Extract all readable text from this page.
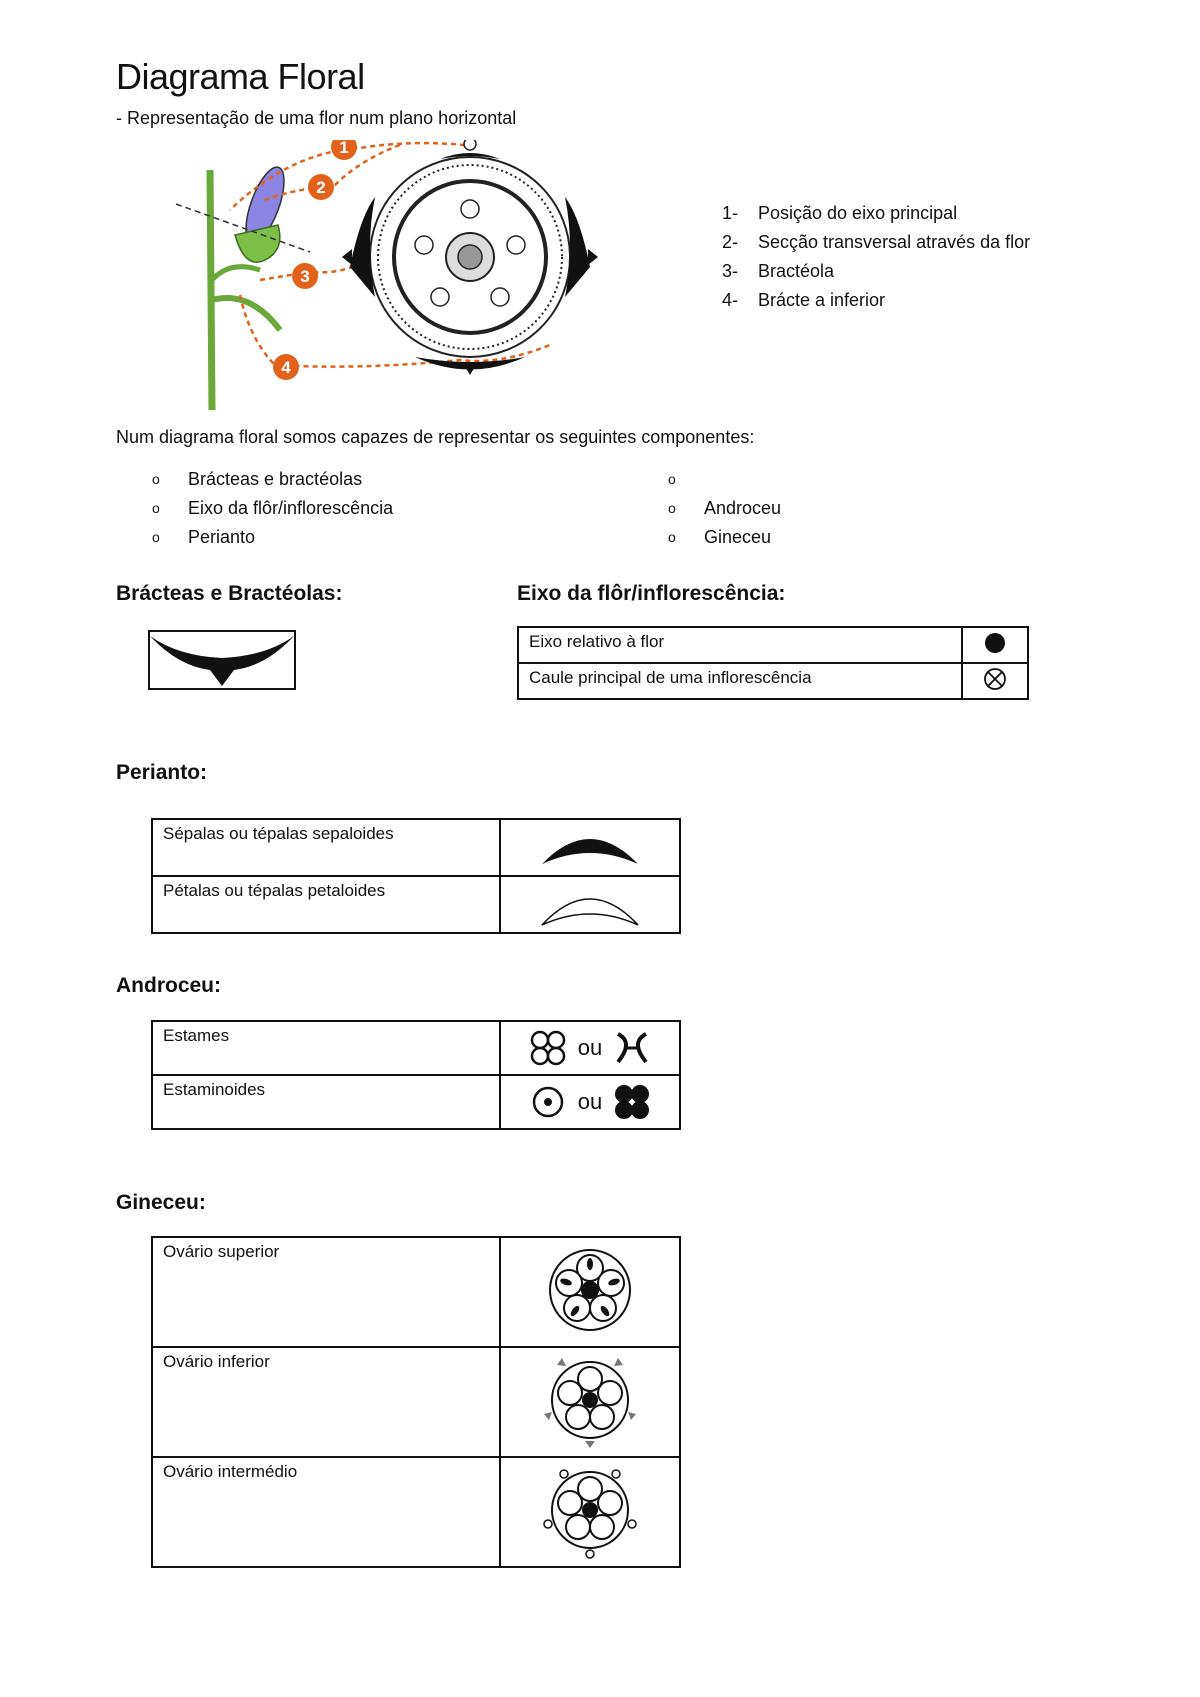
Diagrama Floral
- Representação de uma flor num plano horizontal
1
2
3
4
1-	Posição do eixo principal
2-	Secção transversal através da flor
3-	Bractéola
4-	Brácte a inferior
Num diagrama floral somos capazes de representar os seguintes componentes:
o	Brácteas e bractéolas
o	Eixo da flôr/inflorescência
o	Perianto
o
o	Androceu
o	Gineceu
Brácteas e Bractéolas:	Eixo da flôr/inflorescência:
Eixo relativo à flor	
Caule principal de uma inflorescência	
Perianto:
Sépalas ou tépalas sepaloides	
Pétalas ou tépalas petaloides	
Androceu:
Estames	ou

Estaminoides	ou
Gineceu:
Ovário superior	
Ovário inferior	
Ovário intermédio	
